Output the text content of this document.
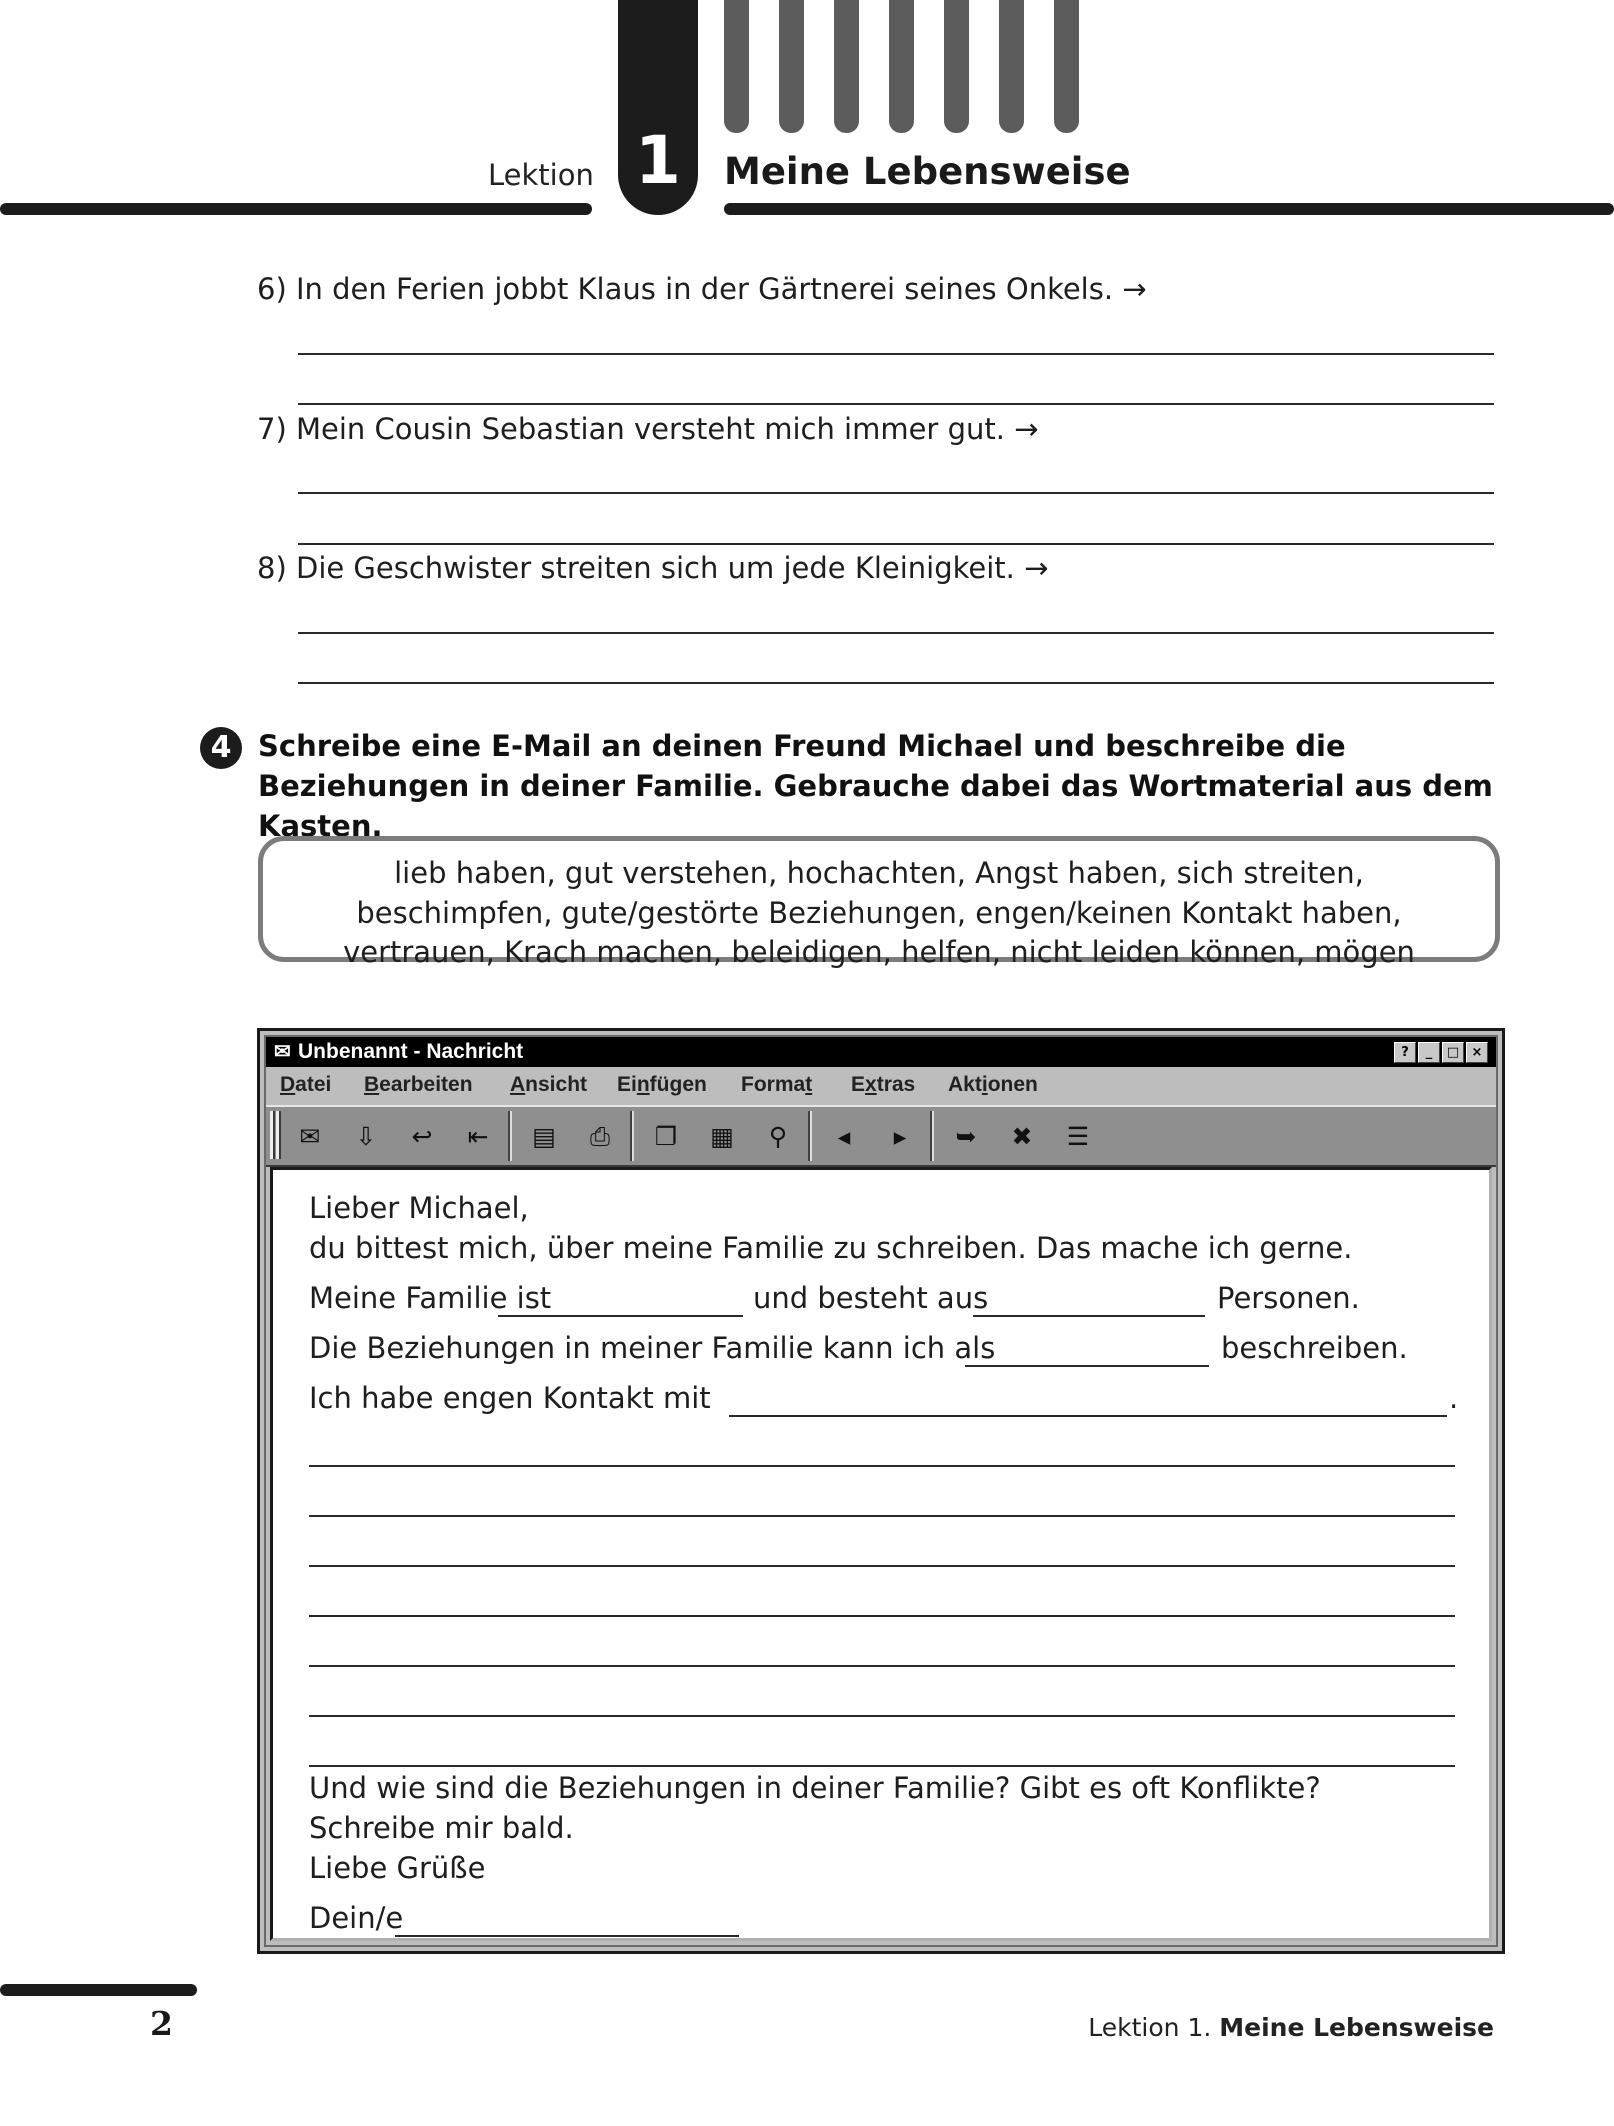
1
Lektion	Meine Lebensweise
6) In den Ferien jobbt Klaus in der Gärtnerei seines Onkels. →
7) Mein Cousin Sebastian versteht mich immer gut. →
8) Die Geschwister streiten sich um jede Kleinigkeit. →
4 Schreibe eine E-Mail an deinen Freund Michael und beschreibe die Beziehungen in deiner Familie. Gebrauche dabei das Wortmaterial aus dem Kasten.
lieb haben, gut verstehen, hochachten, Angst haben, sich streiten,
beschimpfen, gute/gestörte Beziehungen, engen/keinen Kontakt haben,
vertrauen, Krach machen, beleidigen, helfen, nicht leiden können, mögen
✉ Unbenannt - Nachricht	?	_	□ ×
Datei Bearbeiten Ansicht Einfügen Format Extras Aktionen
✉ ⇩ ↩ ⇤ ▤ ⎙ ❐ ▦ ⚲	◂	▸	➥ ✖ ☰
Lieber Michael,
du bittest mich, über meine Familie zu schreiben. Das mache ich gerne.
Meine Familie ist	und besteht aus	Personen.
Die Beziehungen in meiner Familie kann ich als	beschreiben.
Ich habe engen Kontakt mit	.
Und wie sind die Beziehungen in deiner Familie? Gibt es oft Konflikte?
Schreibe mir bald.
Liebe Grüße
Dein/e
2	Lektion 1. Meine Lebensweise
